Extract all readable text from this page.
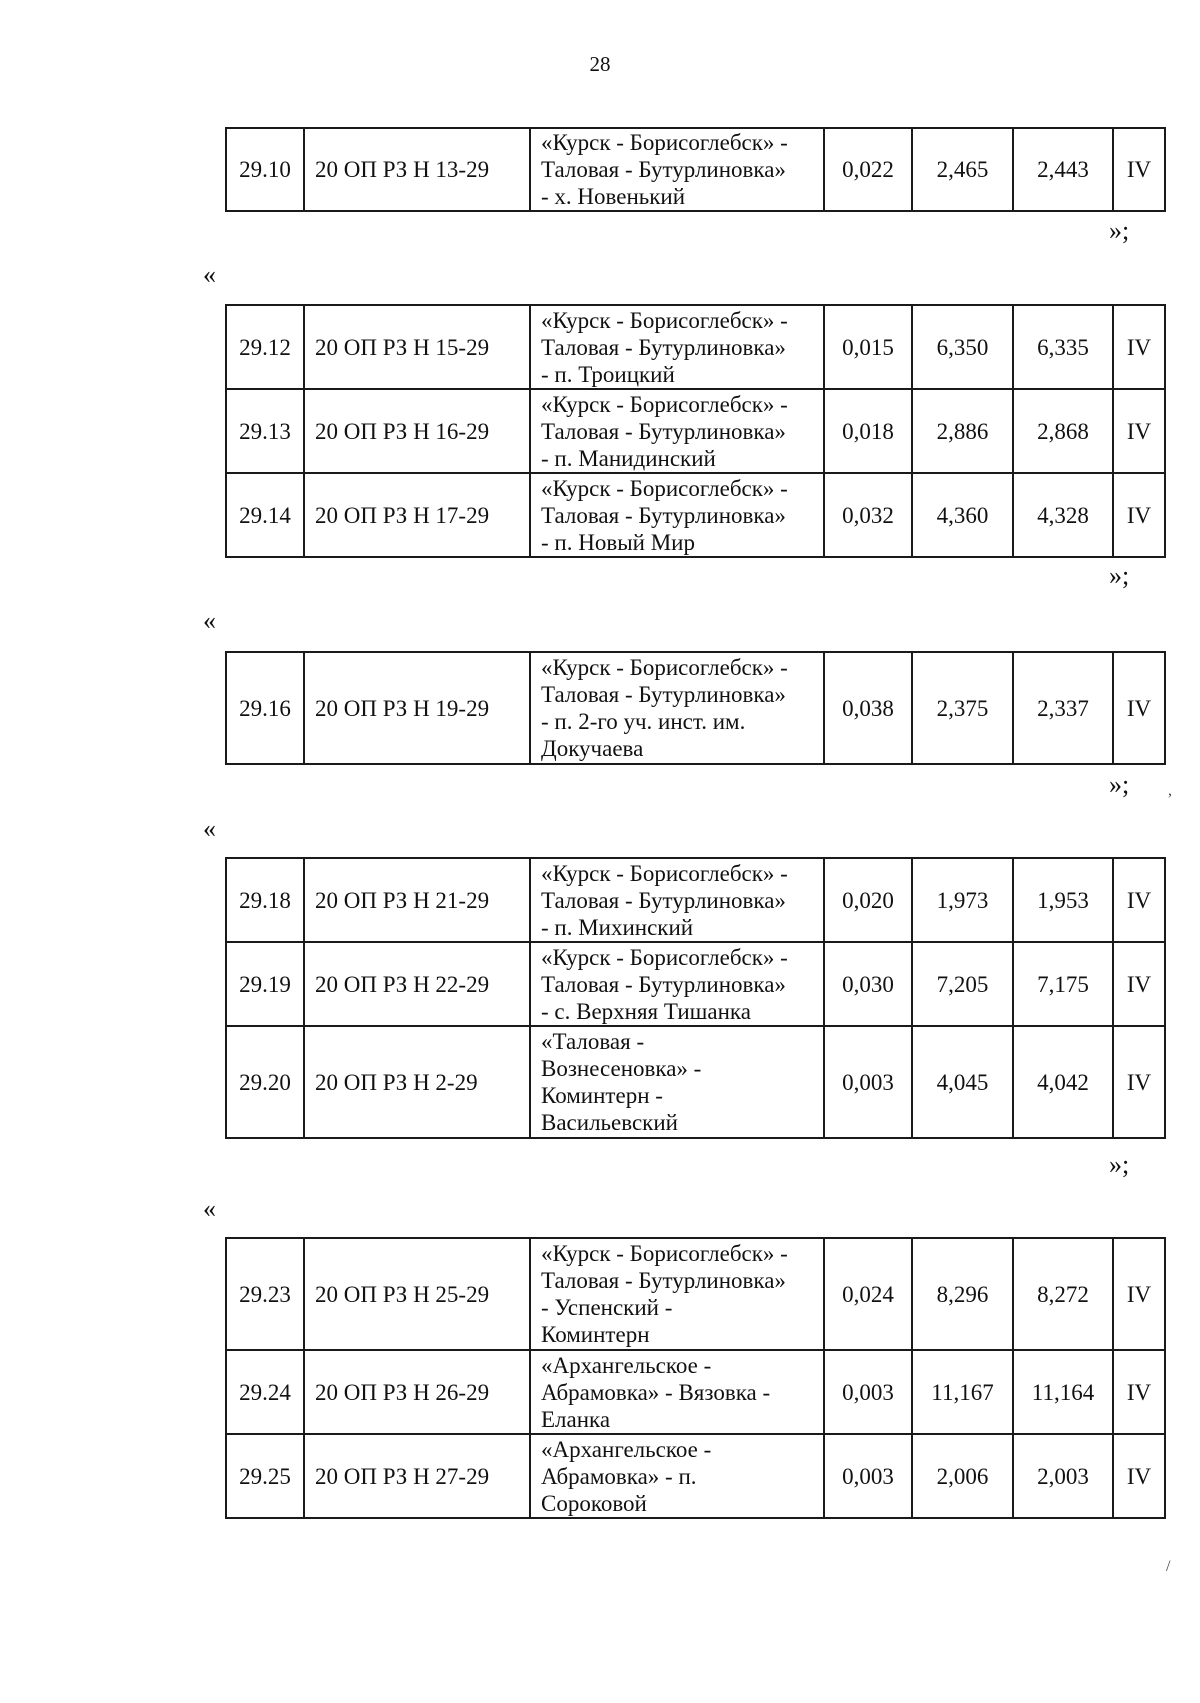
28
29.10	20 ОП РЗ Н 13-29	
«Курск - Борисоглебск» -
Таловая - Бутурлиновка»
- х. Новенький
	0,022	2,465	2,443	IV
»;
«
29.12	20 ОП РЗ Н 15-29	«Курск - Борисоглебск» -
Таловая - Бутурлиновка»
- п. Троицкий	0,015	6,350	6,335	IV
29.13	20 ОП РЗ Н 16-29	«Курск - Борисоглебск» -
Таловая - Бутурлиновка»
- п. Манидинский	0,018	2,886	2,868	IV
29.14	20 ОП РЗ Н 17-29	«Курск - Борисоглебск» -
Таловая - Бутурлиновка»
- п. Новый Мир	0,032	4,360	4,328	IV
»;
«
29.16	20 ОП РЗ Н 19-29	
«Курск - Борисоглебск» -
Таловая - Бутурлиновка»
- п. 2-го уч. инст. им.
Докучаева
	0,038	2,375	2,337	IV
»; ,
«
29.18	20 ОП РЗ Н 21-29	«Курск - Борисоглебск» -
Таловая - Бутурлиновка»
- п. Михинский	0,020	1,973	1,953	IV
29.19	20 ОП РЗ Н 22-29	«Курск - Борисоглебск» -
Таловая - Бутурлиновка»
- с. Верхняя Тишанка	0,030	7,205	7,175	IV
29.20	20 ОП РЗ Н 2-29	«Таловая -
Вознесеновка» -
Коминтерн -
Васильевский	0,003	4,045	4,042	IV
»;
«
29.23	20 ОП РЗ Н 25-29	«Курск - Борисоглебск» -
Таловая - Бутурлиновка»
- Успенский -
Коминтерн	0,024	8,296	8,272	IV
29.24	20 ОП РЗ Н 26-29	«Архангельское -
Абрамовка» - Вязовка -
Еланка	0,003	11,167	11,164	IV
29.25	20 ОП РЗ Н 27-29	«Архангельское -
Абрамовка» - п.
Сороковой	0,003	2,006	2,003	IV
/
